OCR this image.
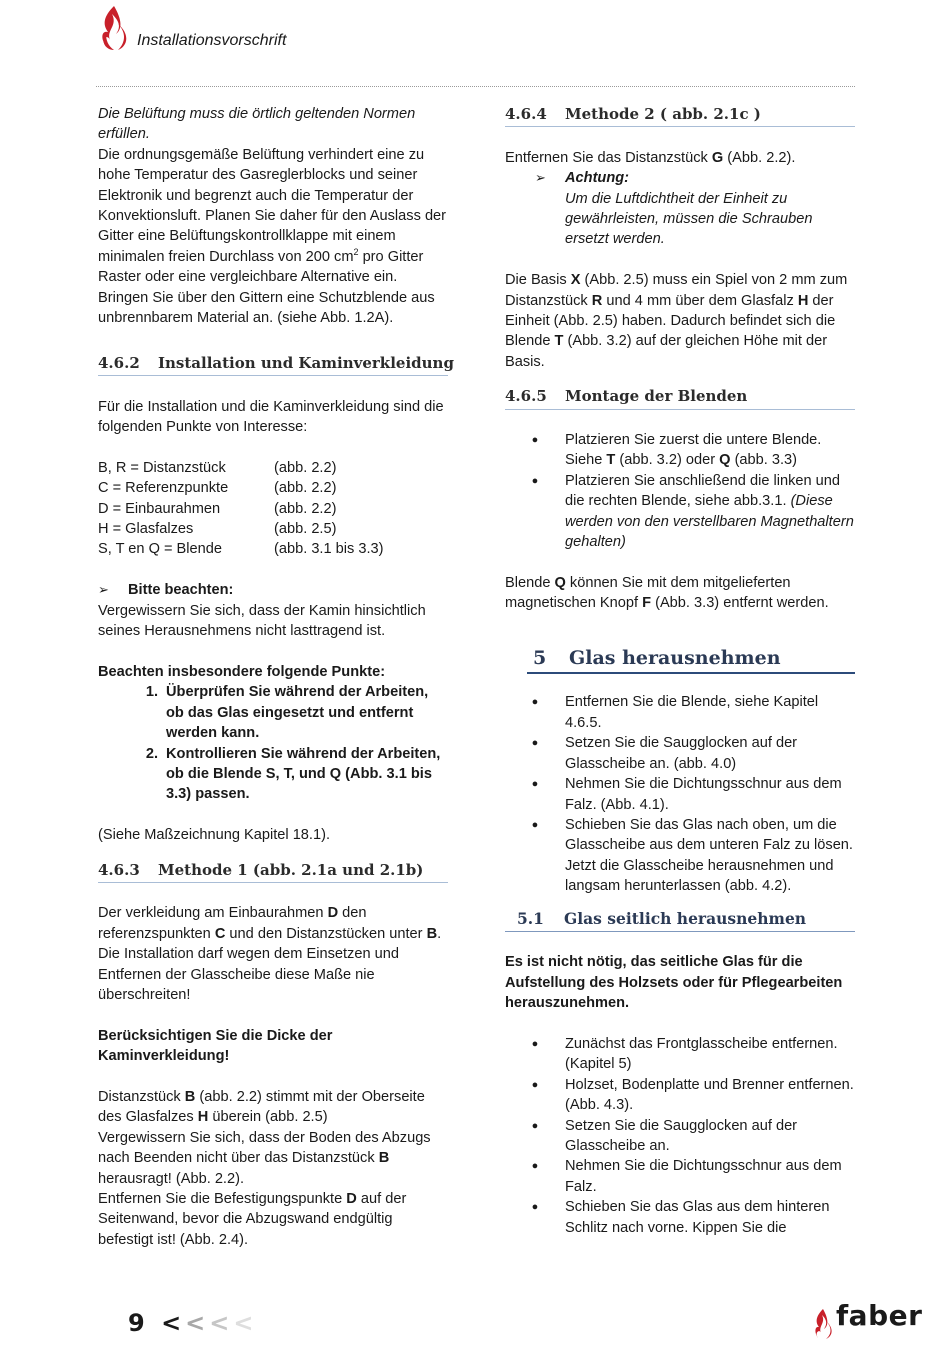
Installationsvorschrift

Die Belüftung muss die örtlich geltenden Normen erfüllen.

Die ordnungsgemäße Belüftung verhindert eine zu hohe Temperatur des Gasreglerblocks und seiner Elektronik und begrenzt auch die Temperatur der Konvektionsluft. Planen Sie daher für den Auslass der Gitter eine Belüftungskontrollklappe mit einem minimalen freien Durchlass von 200 $cm^2$ pro Gitter Raster oder eine vergleichbare Alternative ein. Bringen Sie über den Gittern eine Schutzblende aus unbrennbarem Material an. (siehe Abb. 1.2A).

4.6.2 Installation und Kaminverkleidung

Für die Installation und die Kaminverkleidung sind die folgenden Punkte von Interesse:

B, R = Distanzstück	(abb. 2.2)
C = Referenzpunkte	(abb. 2.2)
D = Einbaurahmen	(abb. 2.2)
H = Glasfalzes	(abb. 2.5)
S, T en Q = Blende	(abb. 3.1 bis 3.3)
➢	Bitte beachten:

Vergewissern Sie sich, dass der Kamin hinsichtlich seines Herausnehmens nicht lasttragend ist.

Beachten insbesondere folgende Punkte:

1. Überprüfen Sie während der Arbeiten, ob das Glas eingesetzt und entfernt werden kann.
2. Kontrollieren Sie während der Arbeiten, ob die Blende S, T, und Q (Abb. 3.1 bis 3.3) passen.

(Siehe Maßzeichnung Kapitel 18.1).

4.6.3 Methode 1 (abb. 2.1a und 2.1b)

Der verkleidung am Einbaurahmen D den referenzspunkten C und den Distanzstücken unter B.

Die Installation darf wegen dem Einsetzen und Entfernen der Glasscheibe diese Maße nie überschreiten!

Berücksichtigen Sie die Dicke der Kaminverkleidung!

Distanzstück B (abb. 2.2) stimmt mit der Oberseite des Glasfalzes H überein (abb. 2.5)

Vergewissern Sie sich, dass der Boden des Abzugs nach Beenden nicht über das Distanzstück B herausragt! (Abb. 2.2).

Entfernen Sie die Befestigungspunkte D auf der Seitenwand, bevor die Abzugswand endgültig befestigt ist! (Abb. 2.4).

4.6.4 Methode 2 ( abb. 2.1c )

Entfernen Sie das Distanzstück G (Abb. 2.2).

➢	Achtung:

Um die Luftdichtheit der Einheit zu gewährleisten, müssen die Schrauben ersetzt werden.

Die Basis X (Abb. 2.5) muss ein Spiel von 2 mm zum Distanzstück R und 4 mm über dem Glasfalz H der Einheit (Abb. 2.5) haben. Dadurch befindet sich die Blende T (Abb. 3.2) auf der gleichen Höhe mit der Basis.

4.6.5 Montage der Blenden
●	Platzieren Sie zuerst die untere Blende. Siehe T (abb. 3.2) oder Q (abb. 3.3)
●	Platzieren Sie anschließend die linken und die rechten Blende, siehe abb.3.1. (Diese werden von den verstellbaren Magnethaltern gehalten)

Blende Q können Sie mit dem mitgelieferten magnetischen Knopf F (Abb. 3.3) entfernt werden.

5 Glas herausnehmen
●	Entfernen Sie die Blende, siehe Kapitel 4.6.5.
●	Setzen Sie die Saugglocken auf der Glasscheibe an. (abb. 4.0)
●	Nehmen Sie die Dichtungsschnur aus dem Falz. (Abb. 4.1).
●	Schieben Sie das Glas nach oben, um die Glasscheibe aus dem unteren Falz zu lösen. Jetzt die Glasscheibe herausnehmen und langsam herunterlassen (abb. 4.2).
5.1 Glas seitlich herausnehmen

Es ist nicht nötig, das seitliche Glas für die Aufstellung des Holzsets oder für Pflegearbeiten herauszunehmen.

●	Zunächst das Frontglasscheibe entfernen. (Kapitel 5)
●	Holzset, Bodenplatte und Brenner entfernen. (Abb. 4.3).
●	Setzen Sie die Saugglocken auf der Glasscheibe an.
●	Nehmen Sie die Dichtungsschnur aus dem Falz.
●	Schieben Sie das Glas aus dem hinteren Schlitz nach vorne. Kippen Sie die
9 <<<<	faber
